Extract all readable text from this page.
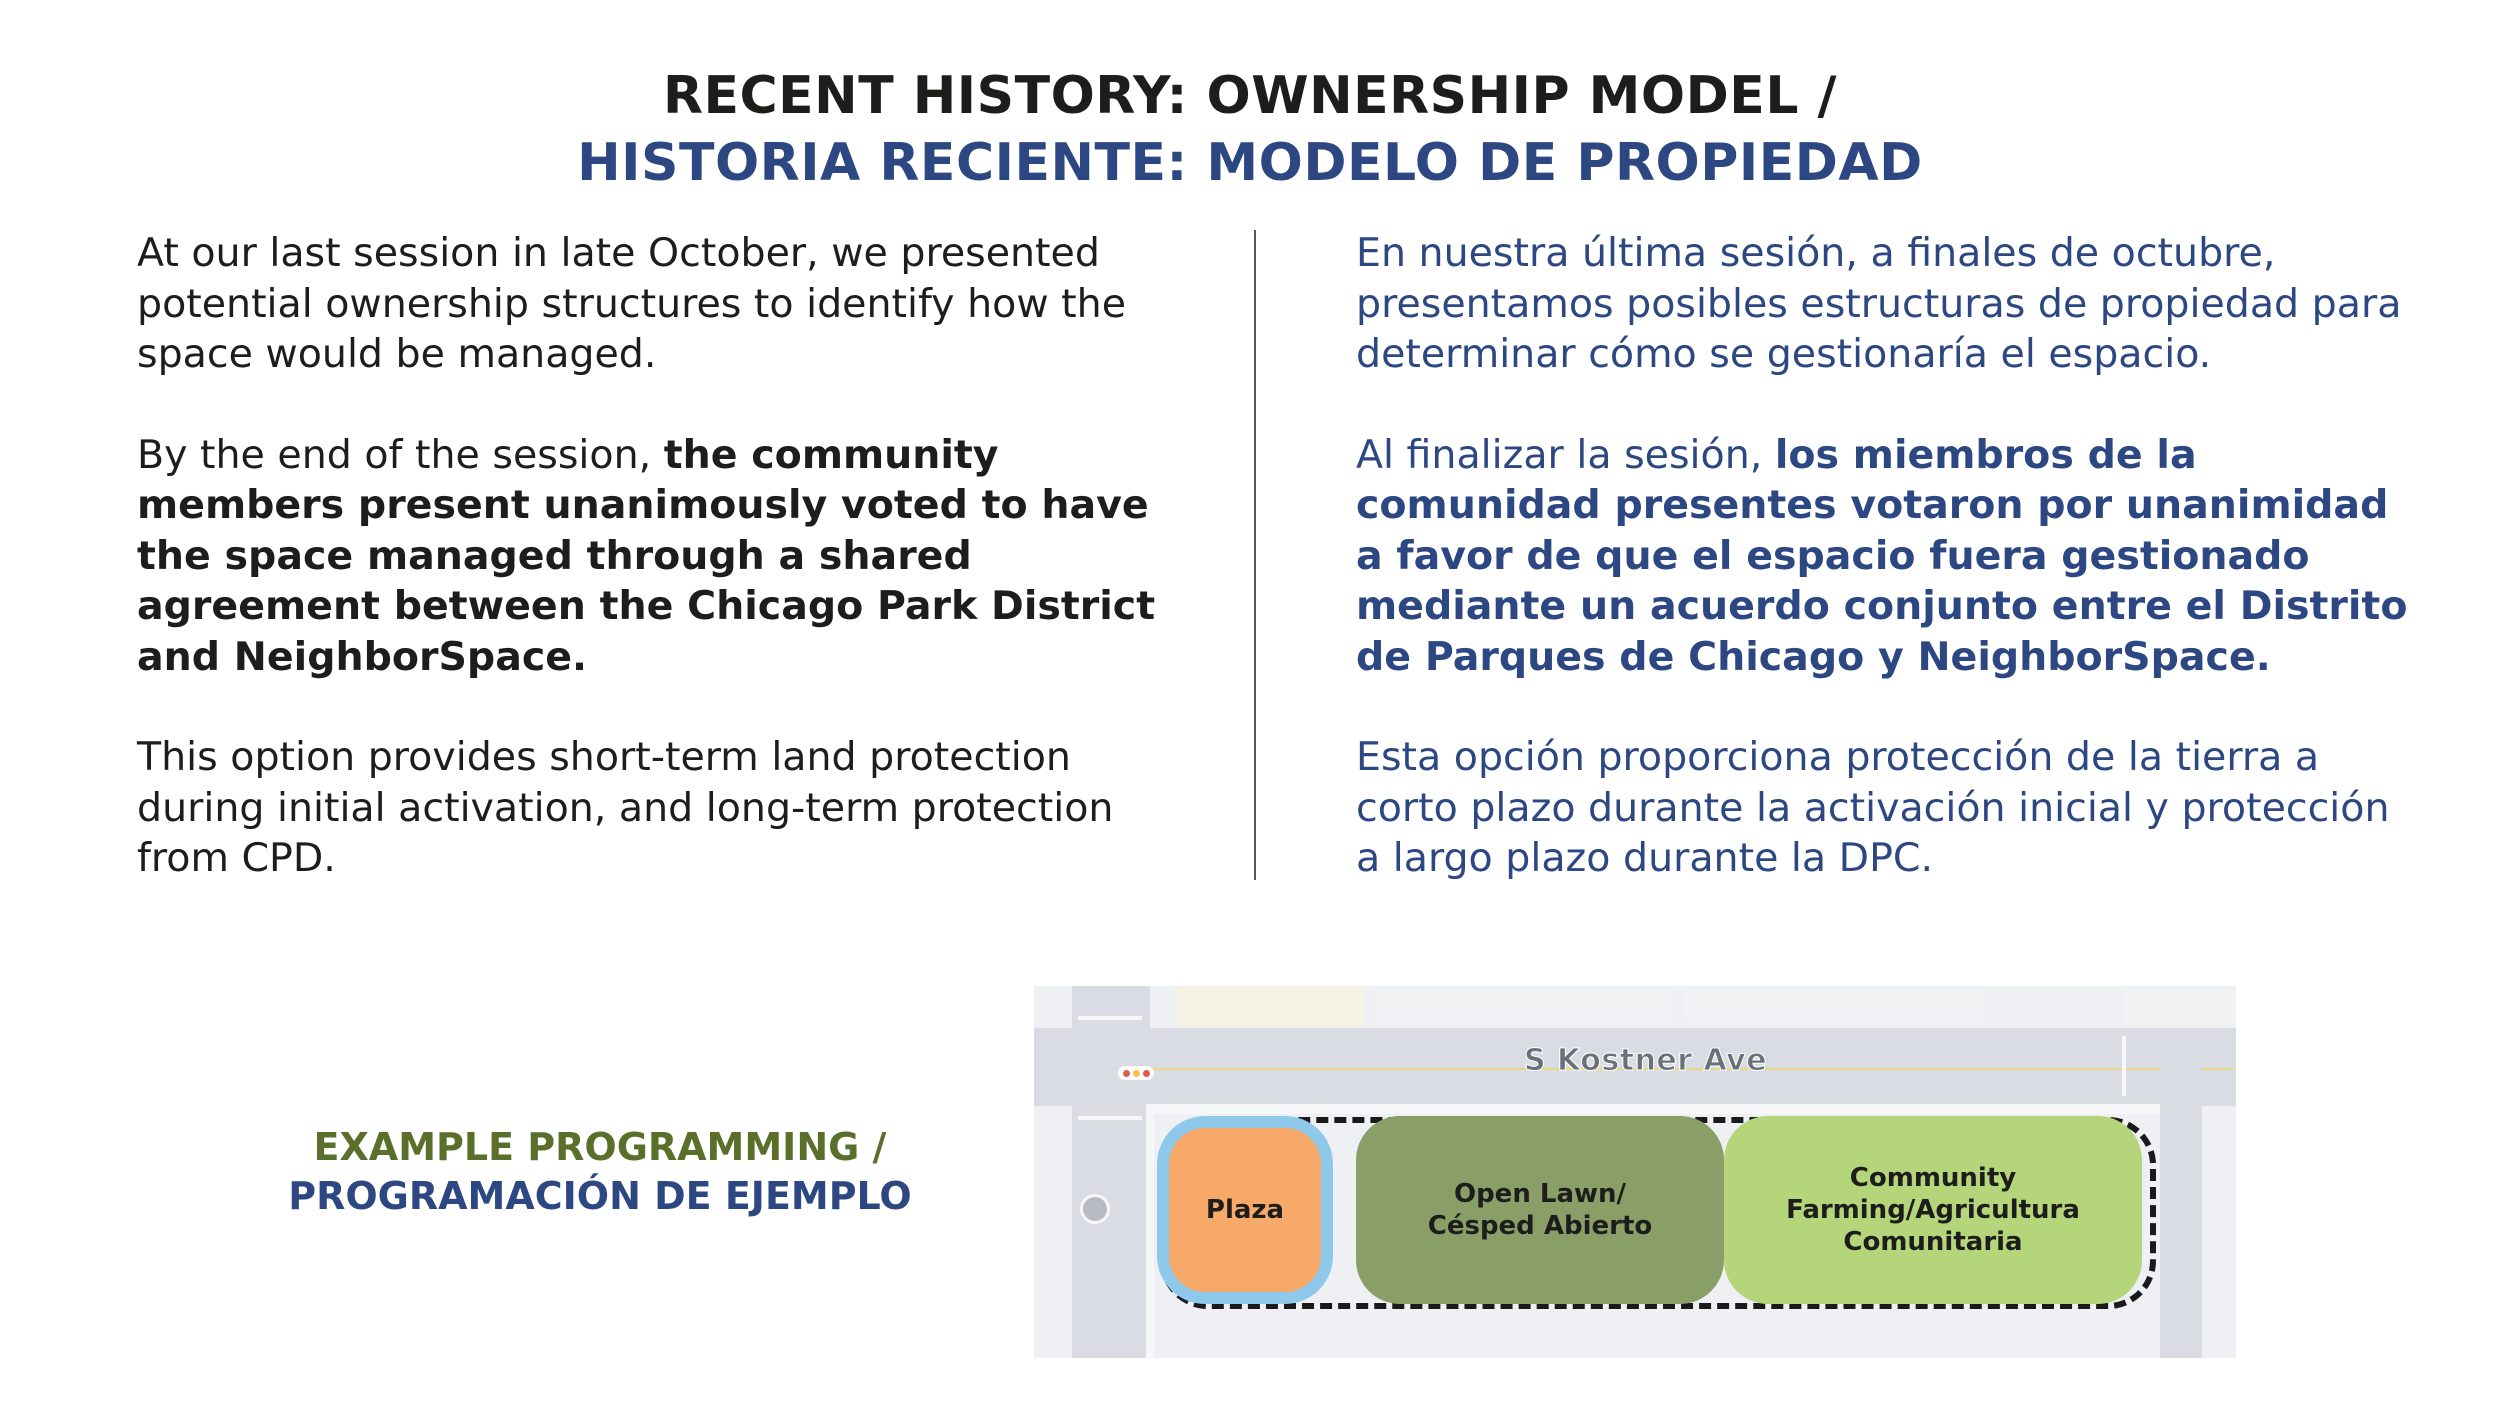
RECENT HISTORY: OWNERSHIP MODEL /
HISTORIA RECIENTE: MODELO DE PROPIEDAD

At our last session in late October, we presented potential ownership structures to identify how the space would be managed.

By the end of the session, the community members present unanimously voted to have the space managed through a shared agreement between the Chicago Park District and NeighborSpace.

This option provides short-term land protection during initial activation, and long-term protection from CPD.

En nuestra última sesión, a finales de octubre, presentamos posibles estructuras de propiedad para determinar cómo se gestionaría el espacio.

Al finalizar la sesión, los miembros de la comunidad presentes votaron por unanimidad a favor de que el espacio fuera gestionado mediante un acuerdo conjunto entre el Distrito de Parques de Chicago y NeighborSpace.

Esta opción proporciona protección de la tierra a corto plazo durante la activación inicial y protección a largo plazo durante la DPC.

EXAMPLE PROGRAMMING /
PROGRAMACIÓN DE EJEMPLO
S Kostner Ave
Plaza
Open Lawn/
Césped Abierto
Community
Farming/Agricultura
Comunitaria
